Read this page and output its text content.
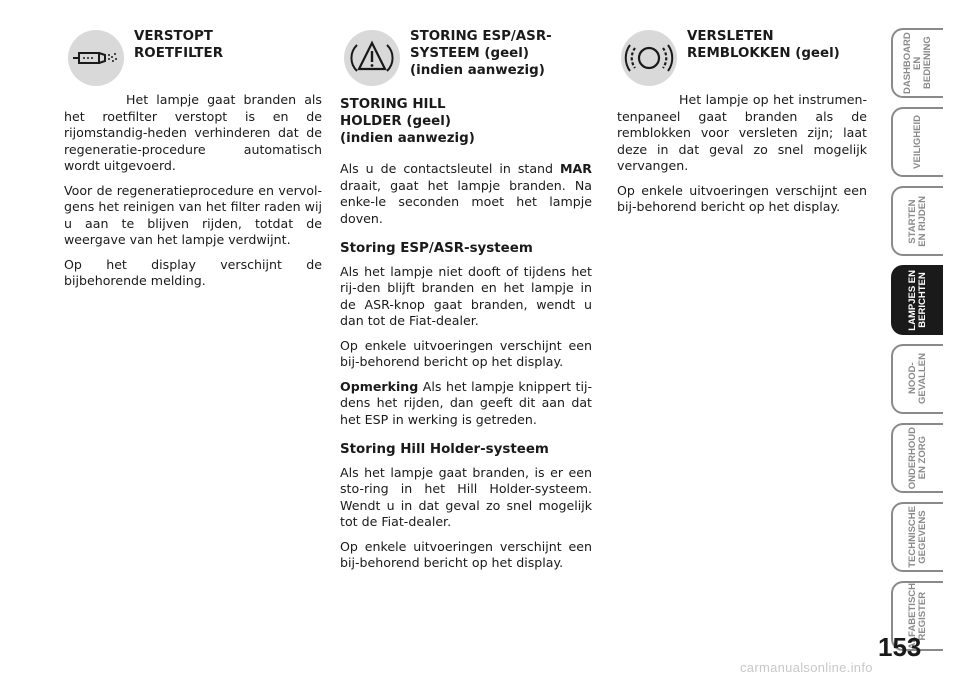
VERSTOPT
ROETFILTER

Het lampje gaat branden als het roetfilter verstopt is en de rijomstandig-heden verhinderen dat de regeneratie-procedure automatisch wordt uitgevoerd.

Voor de regeneratieprocedure en vervol-gens het reinigen van het filter raden wij u aan te blijven rijden, totdat de weergave van het lampje verdwijnt.

Op het display verschijnt de bijbehorende melding.

STORING ESP/ASR-
SYSTEEM (geel)
(indien aanwezig)

STORING HILL
HOLDER (geel)
(indien aanwezig)

Als u de contactsleutel in stand MAR draait, gaat het lampje branden. Na enke-le seconden moet het lampje doven.

Storing ESP/ASR-systeem

Als het lampje niet dooft of tijdens het rij-den blijft branden en het lampje in de ASR-knop gaat branden, wendt u dan tot de Fiat-dealer.

Op enkele uitvoeringen verschijnt een bij-behorend bericht op het display.

Opmerking Als het lampje knippert tij-dens het rijden, dan geeft dit aan dat het ESP in werking is getreden.

Storing Hill Holder-systeem

Als het lampje gaat branden, is er een sto-ring in het Hill Holder-systeem. Wendt u in dat geval zo snel mogelijk tot de Fiat-dealer.

Op enkele uitvoeringen verschijnt een bij-behorend bericht op het display.

VERSLETEN
REMBLOKKEN (geel)

Het lampje op het instrumen-tenpaneel gaat branden als de remblokken voor versleten zijn; laat deze in dat geval zo snel mogelijk vervangen.

Op enkele uitvoeringen verschijnt een bij-behorend bericht op het display.

DASHBOARD
EN BEDIENING
VEILIGHEID
STARTEN
EN RIJDEN
LAMPJES EN
BERICHTEN
NOOD-
GEVALLEN
ONDERHOUD
EN ZORG
TECHNISCHE
GEGEVENS
ALFABETISCH
REGISTER
153
carmanualsonline.info
